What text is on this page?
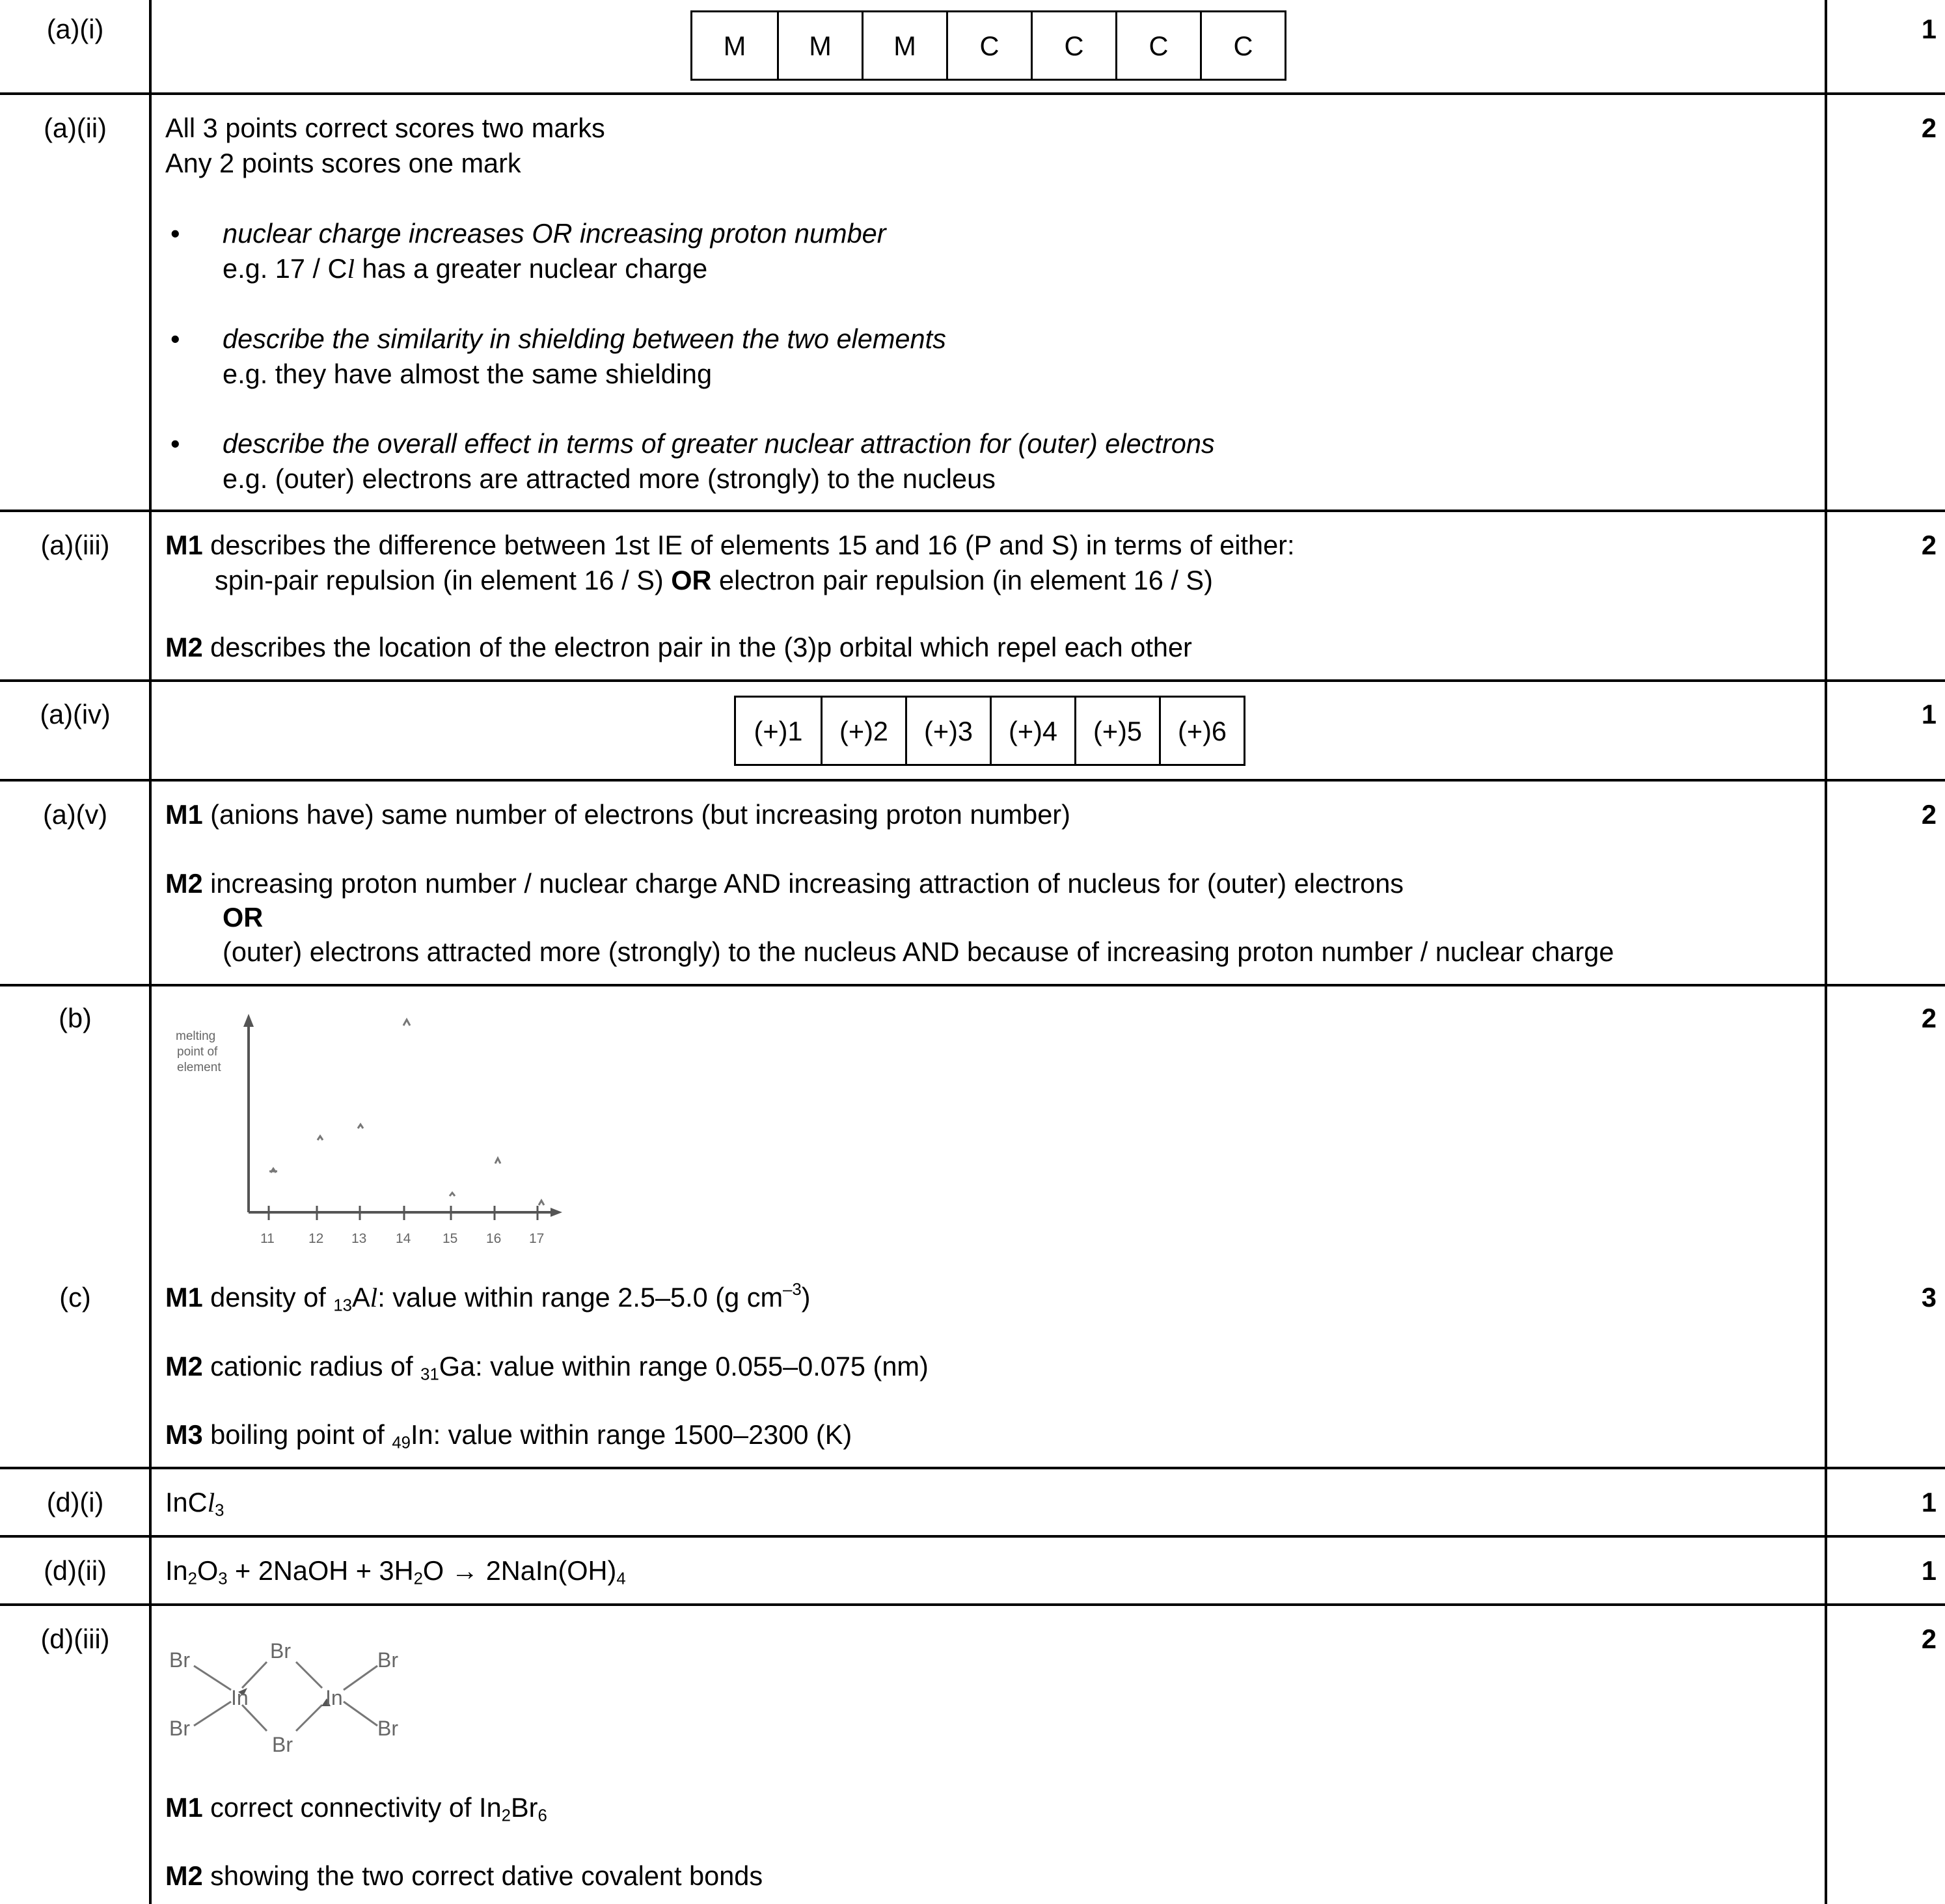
(a)(i)	1
M	M	M	C	C	C	C
(a)(ii)	2
All 3 points correct scores two marks
Any 2 points scores one mark
• nuclear charge increases OR increasing proton number
e.g. 17 / Cl has a greater nuclear charge
• describe the similarity in shielding between the two elements
e.g. they have almost the same shielding
• describe the overall effect in terms of greater nuclear attraction for (outer) electrons
e.g. (outer) electrons are attracted more (strongly) to the nucleus
(a)(iii)	2
M1 describes the difference between 1st IE of elements 15 and 16 (P and S) in terms of either:
spin-pair repulsion (in element 16 / S) OR electron pair repulsion (in element 16 / S)
M2 describes the location of the electron pair in the (3)p orbital which repel each other
(a)(iv)	1
(+)1	(+)2	(+)3	(+)4	(+)5	(+)6
(a)(v)	2
M1 (anions have) same number of electrons (but increasing proton number)
M2 increasing proton number / nuclear charge AND increasing attraction of nucleus for (outer) electrons
OR
(outer) electrons attracted more (strongly) to the nucleus AND because of increasing proton number / nuclear charge
(b)	2
melting
point of
element
11 12 13 14 15 16 17
(c)	3
M1 density of $_{13}$Al: value within range 2.5–5.0 (g $cm^{-3}$)
M2 cationic radius of $_{31}$Ga: value within range 0.055–0.075 (nm)
M3 boiling point of $_{49}$In: value within range 1500–2300 (K)
(d)(i)	1
InCl$_3$
(d)(ii)	1
$In_2O_3$ + 2NaOH + $3H_2O$ → $2NaIn(OH)_4$
(d)(iii)	2
Br
Br
In
Br
Br
In
Br
Br
M1 correct connectivity of $In_2Br_6$
M2 showing the two correct dative covalent bonds
